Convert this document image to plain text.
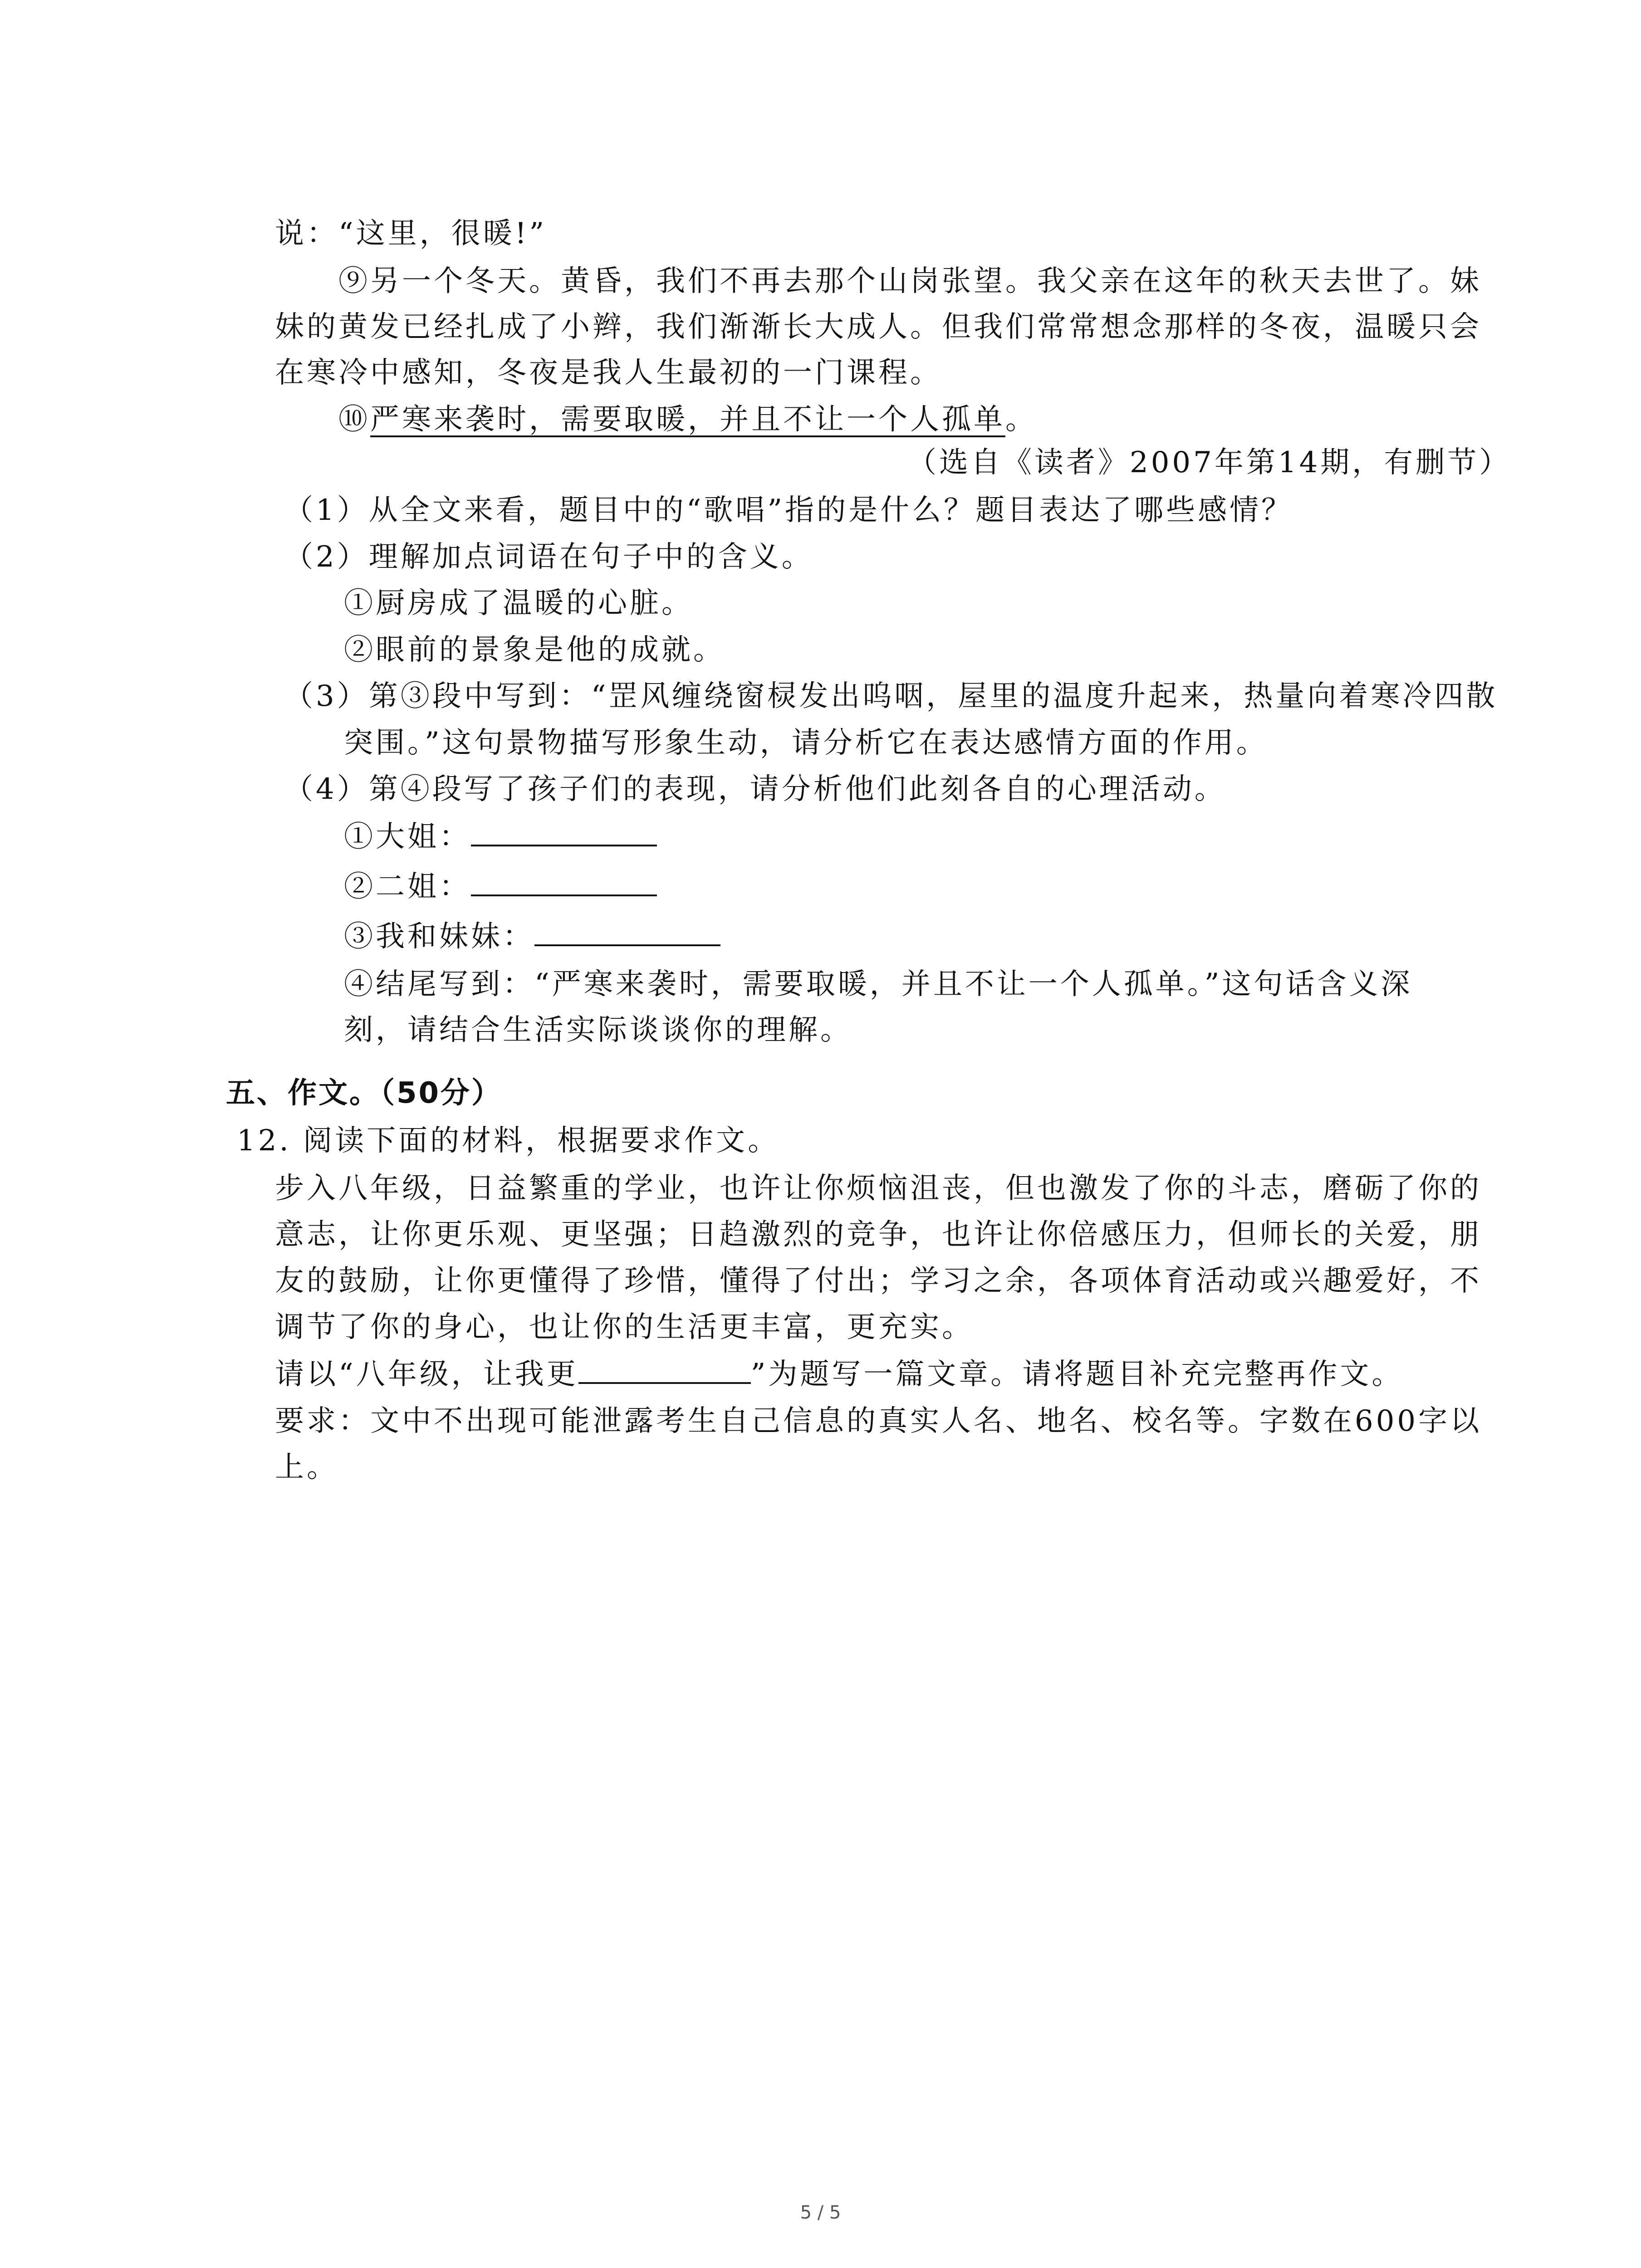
说：“这里，很暖!”
⑨另一个冬天。黄昏，我们不再去那个山岗张望。我父亲在这年的秋天去世了。妹
妹的黄发已经扎成了小辫，我们渐渐长大成人。但我们常常想念那样的冬夜，温暖只会
在寒冷中感知，冬夜是我人生最初的一门课程。
⑩严寒来袭时，需要取暖，并且不让一个人孤单。
（选自《读者》2007年第14期，有删节）
（1）从全文来看，题目中的“歌唱”指的是什么？题目表达了哪些感情？
（2）理解加点词语在句子中的含义。
①厨房成了温暖的心脏。
②眼前的景象是他的成就。
（3）第③段中写到：“罡风缠绕窗棂发出呜咽，屋里的温度升起来，热量向着寒冷四散
突围。”这句景物描写形象生动，请分析它在表达感情方面的作用。
（4）第④段写了孩子们的表现，请分析他们此刻各自的心理活动。
①大姐：
②二姐：
③我和妹妹：
④结尾写到：“严寒来袭时，需要取暖，并且不让一个人孤单。”这句话含义深
刻，请结合生活实际谈谈你的理解。
五、作文。（50分）
12. 阅读下面的材料，根据要求作文。
步入八年级，日益繁重的学业，也许让你烦恼沮丧，但也激发了你的斗志，磨砺了你的
意志，让你更乐观、更坚强；日趋激烈的竞争，也许让你倍感压力，但师长的关爱，朋
友的鼓励，让你更懂得了珍惜，懂得了付出；学习之余，各项体育活动或兴趣爱好，不
调节了你的身心，也让你的生活更丰富，更充实。
请以“八年级，让我更	”为题写一篇文章。请将题目补充完整再作文。
要求：文中不出现可能泄露考生自己信息的真实人名、地名、校名等。字数在600字以
上。
5 / 5
